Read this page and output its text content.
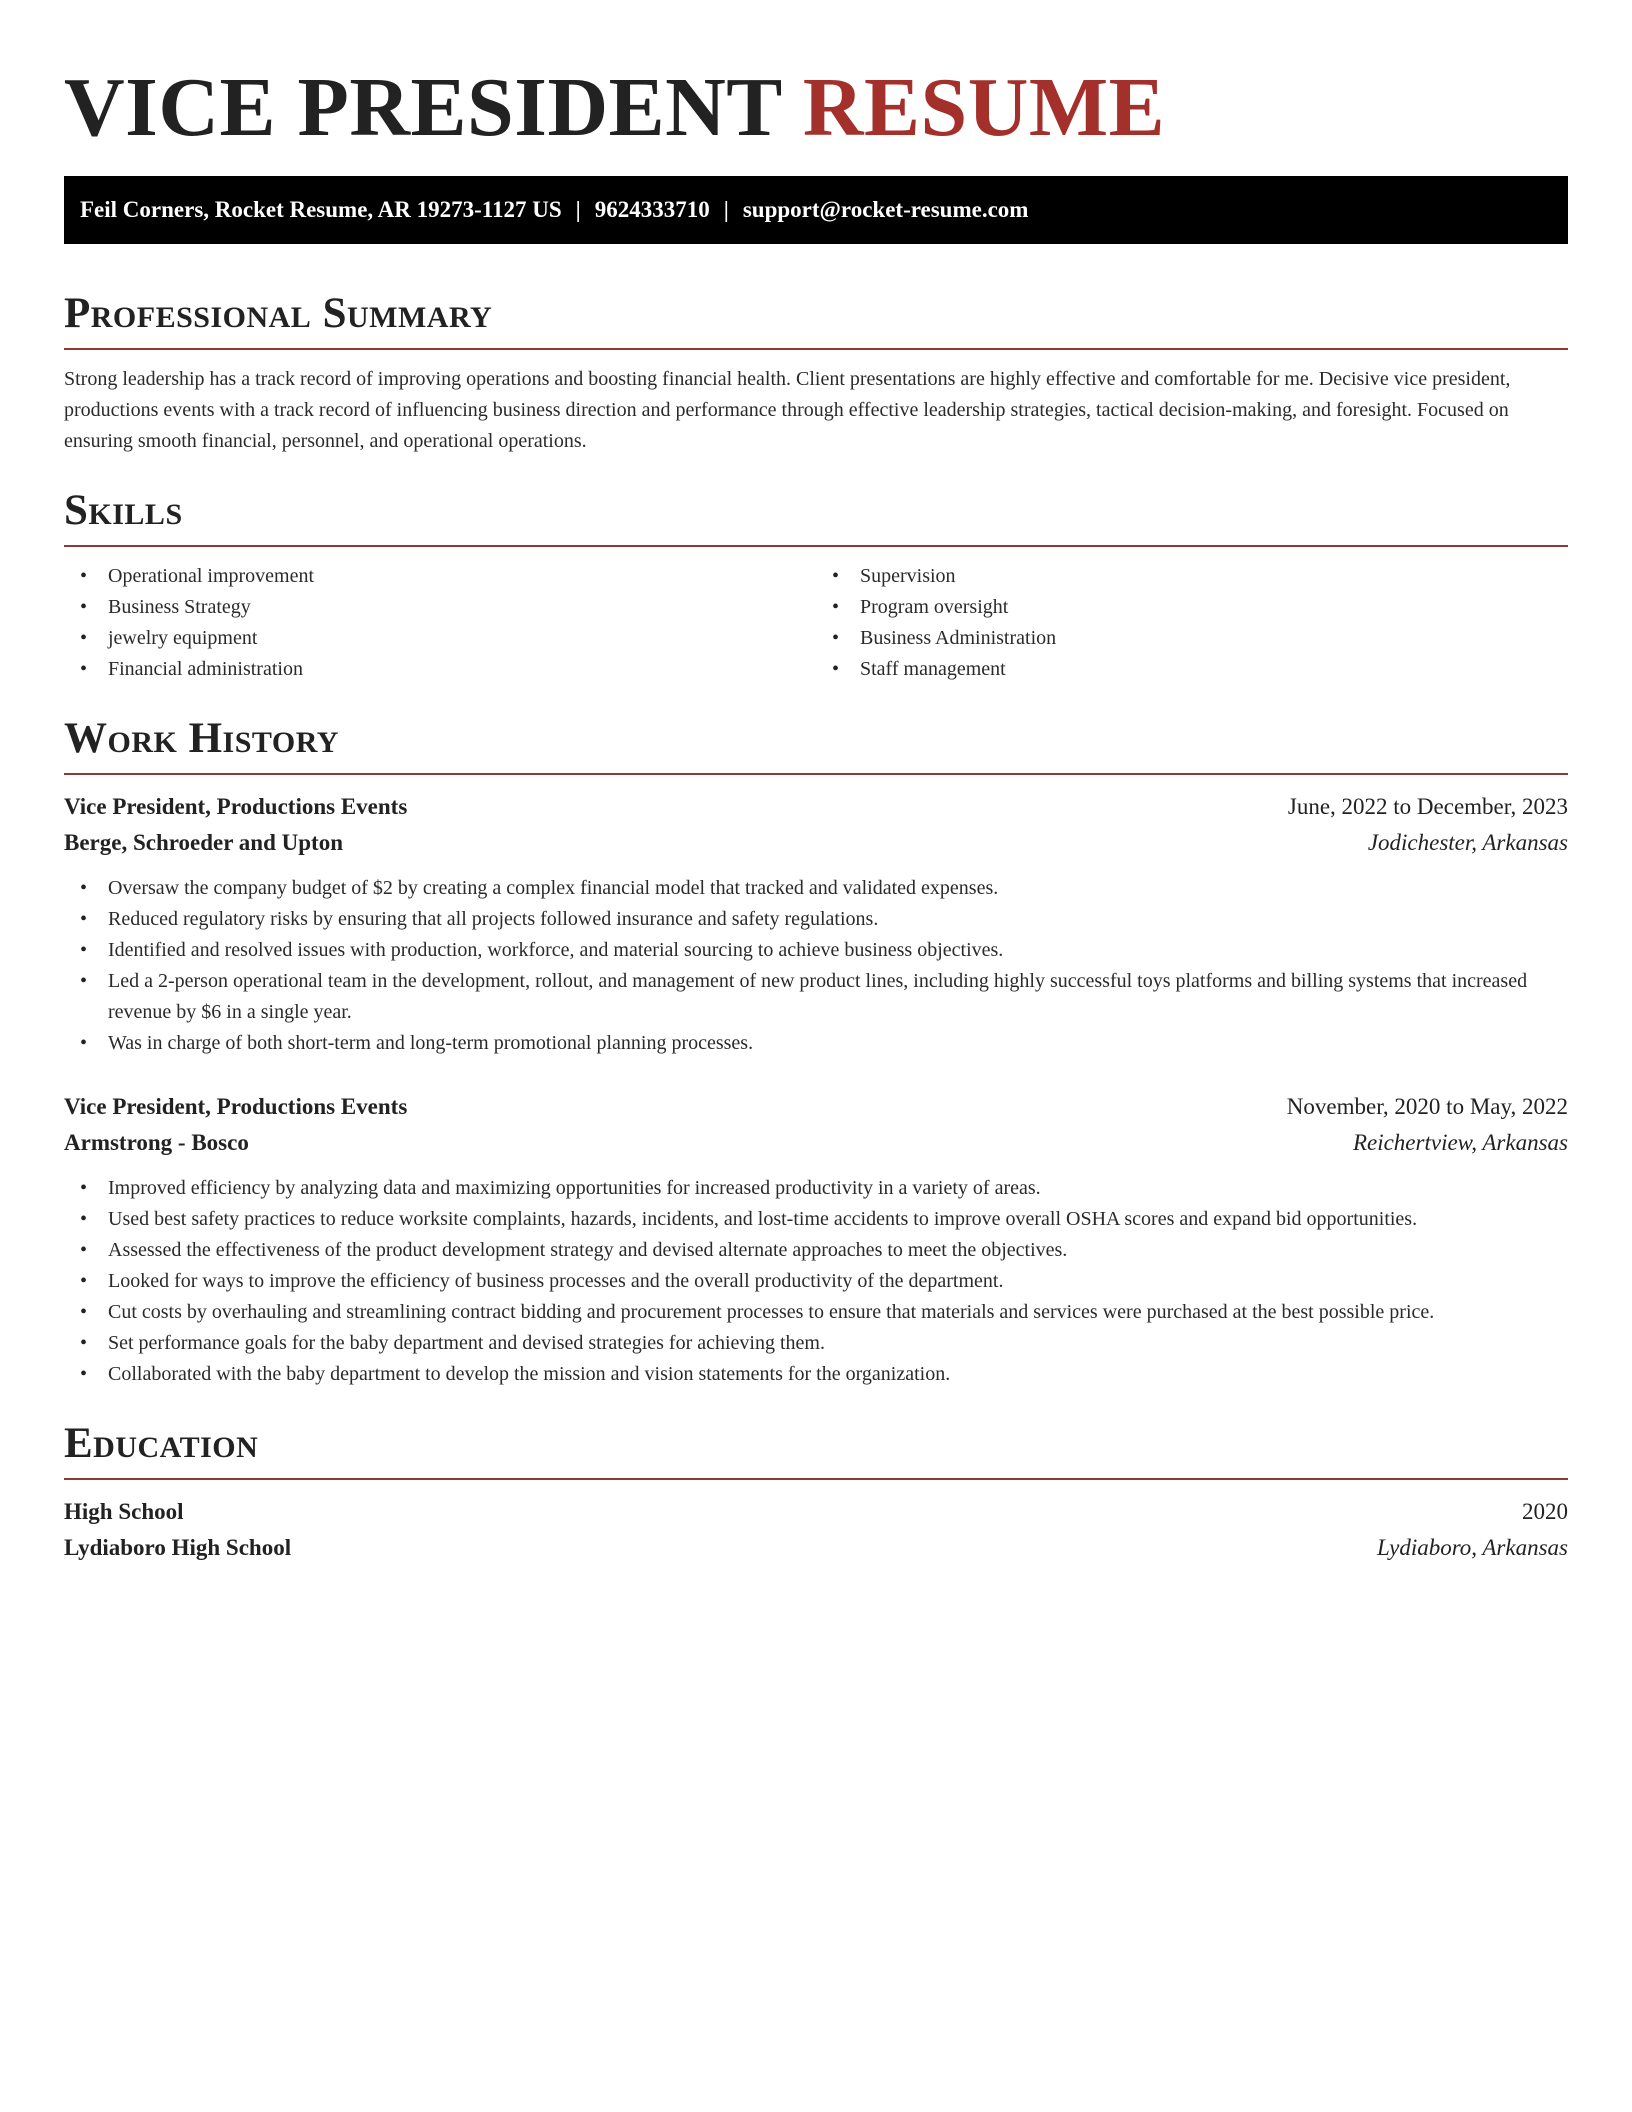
VICE PRESIDENT RESUME
Feil Corners, Rocket Resume, AR 19273-1127 US | 9624333710 | support@rocket-resume.com
Professional Summary

Strong leadership has a track record of improving operations and boosting financial health. Client presentations are highly effective and comfortable for me. Decisive vice president, productions events with a track record of influencing business direction and performance through effective leadership strategies, tactical decision-making, and foresight. Focused on ensuring smooth financial, personnel, and operational operations.

Skills
• Operational improvement
• Business Strategy
• jewelry equipment
• Financial administration
• Supervision
• Program oversight
• Business Administration
• Staff management
Work History
Vice President, Productions Events	June, 2022 to December, 2023
Berge, Schroeder and Upton	Jodichester, Arkansas
• Oversaw the company budget of $2 by creating a complex financial model that tracked and validated expenses.
• Reduced regulatory risks by ensuring that all projects followed insurance and safety regulations.
• Identified and resolved issues with production, workforce, and material sourcing to achieve business objectives.
• Led a 2-person operational team in the development, rollout, and management of new product lines, including highly successful toys platforms and billing systems that increased revenue by $6 in a single year.
• Was in charge of both short-term and long-term promotional planning processes.
Vice President, Productions Events	November, 2020 to May, 2022
Armstrong - Bosco	Reichertview, Arkansas
• Improved efficiency by analyzing data and maximizing opportunities for increased productivity in a variety of areas.
• Used best safety practices to reduce worksite complaints, hazards, incidents, and lost-time accidents to improve overall OSHA scores and expand bid opportunities.
• Assessed the effectiveness of the product development strategy and devised alternate approaches to meet the objectives.
• Looked for ways to improve the efficiency of business processes and the overall productivity of the department.
• Cut costs by overhauling and streamlining contract bidding and procurement processes to ensure that materials and services were purchased at the best possible price.
• Set performance goals for the baby department and devised strategies for achieving them.
• Collaborated with the baby department to develop the mission and vision statements for the organization.
Education
High School	2020
Lydiaboro High School	Lydiaboro, Arkansas
